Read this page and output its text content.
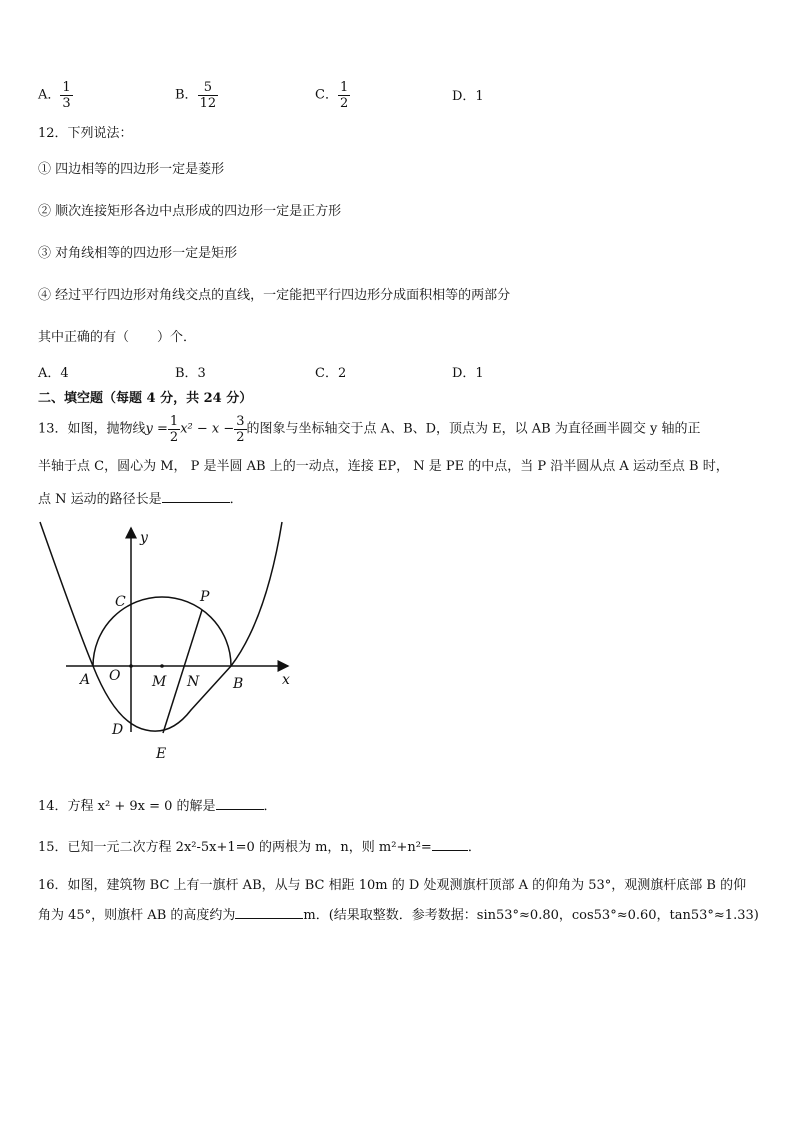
A． $\frac{1}{3}$	B． $\frac{5}{12}$	C． $\frac{1}{2}$	D．1
12．下列说法：
① 四边相等的四边形一定是菱形
② 顺次连接矩形各边中点形成的四边形一定是正方形
③ 对角线相等的四边形一定是矩形
④ 经过平行四边形对角线交点的直线，一定能把平行四边形分成面积相等的两部分
其中正确的有（ ）个．
A．4	B．3	C．2	D．1
二、填空题（每题 4 分，共 24 分）
13．如图，抛物线$y = \frac{1}{2} x^2 - x - \frac{3}{2}$ 的图象与坐标轴交于点 A、B、D，顶点为 E，以 AB 为直径画半圆交 y 轴的正
半轴于点 C，圆心为 M， P 是半圆 AB 上的一动点，连接 EP， N 是 PE 的中点，当 P 沿半圆从点 A 运动至点 B 时，
点 N 运动的路径长是	．
y
x
C	P
A O M N B
D
E
14．方程 x² + 9x = 0 的解是	．
15．已知一元二次方程 2x²-5x+1=0 的两根为 m，n，则 m²+n²=	．
16．如图，建筑物 BC 上有一旗杆 AB，从与 BC 相距 10m 的 D 处观测旗杆顶部 A 的仰角为 53°，观测旗杆底部 B 的仰
角为 45°，则旗杆 AB 的高度约为	m．(结果取整数．参考数据：sin53°≈0.80，cos53°≈0.60，tan53°≈1.33)
